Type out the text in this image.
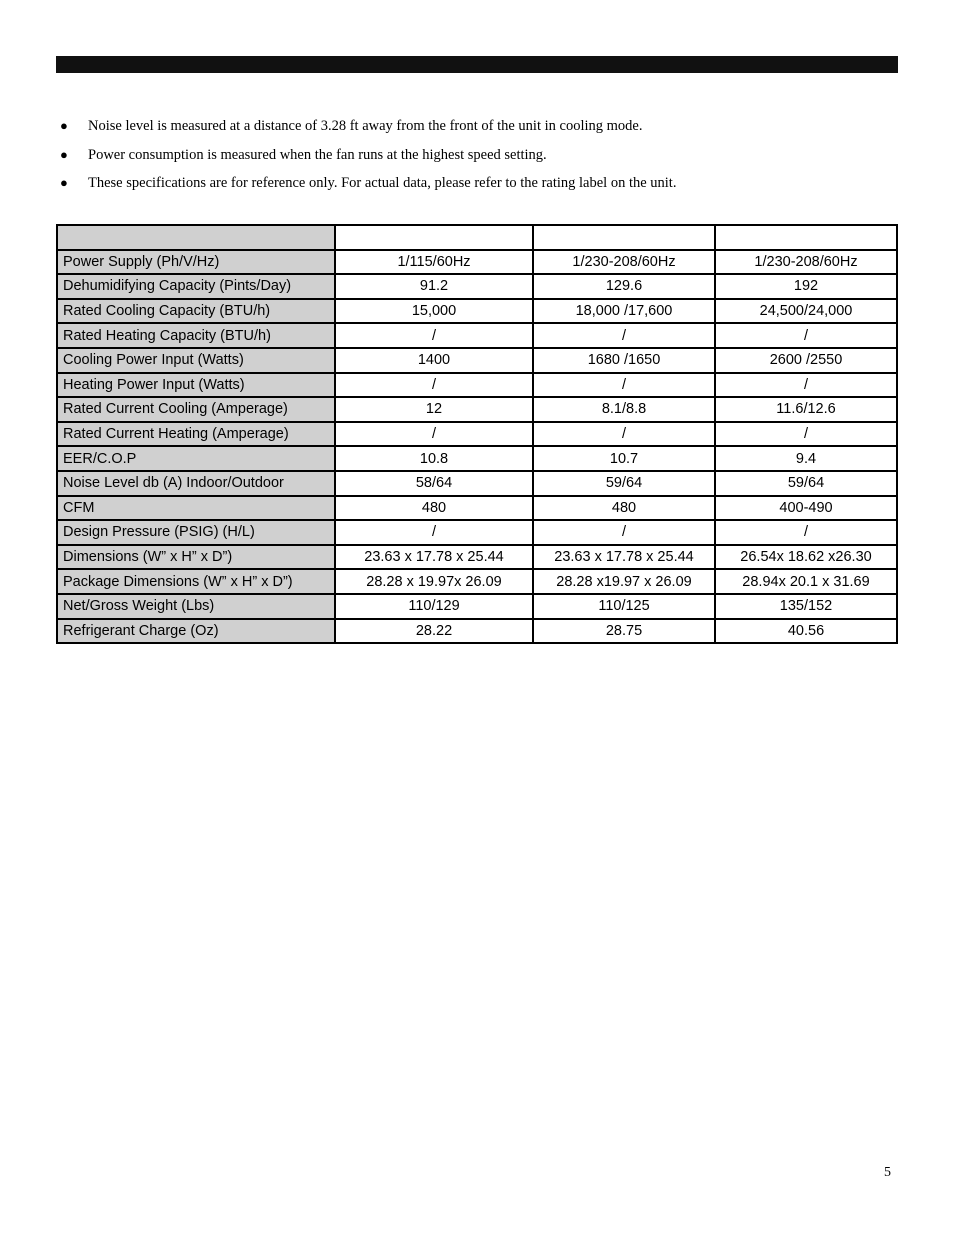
● Noise level is measured at a distance of 3.28 ft away from the front of the unit in cooling mode.
● Power consumption is measured when the fan runs at the highest speed setting.
● These specifications are for reference only. For actual data, please refer to the rating label on the unit.

Power Supply (Ph/V/Hz)	1/115/60Hz	1/230-208/60Hz	1/230-208/60Hz
Dehumidifying Capacity (Pints/Day)	91.2	129.6	192
Rated Cooling Capacity (BTU/h)	15,000	18,000 /17,600	24,500/24,000
Rated Heating Capacity (BTU/h)	/	/	/
Cooling Power Input (Watts)	1400	1680 /1650	2600 /2550
Heating Power Input (Watts)	/	/	/
Rated Current Cooling (Amperage)	12	8.1/8.8	11.6/12.6
Rated Current Heating (Amperage)	/	/	/
EER/C.O.P	10.8	10.7	9.4
Noise Level db (A) Indoor/Outdoor	58/64	59/64	59/64
CFM	480	480	400-490
Design Pressure (PSIG) (H/L)	/	/	/
Dimensions (W” x H” x D”)	23.63 x 17.78 x 25.44	23.63 x 17.78 x 25.44	26.54x 18.62 x26.30
Package Dimensions (W” x H” x D”)	28.28 x 19.97x 26.09	28.28 x19.97 x 26.09	28.94x 20.1 x 31.69
Net/Gross Weight (Lbs)	110/129	110/125	135/152
Refrigerant Charge (Oz)	28.22	28.75	40.56
5
